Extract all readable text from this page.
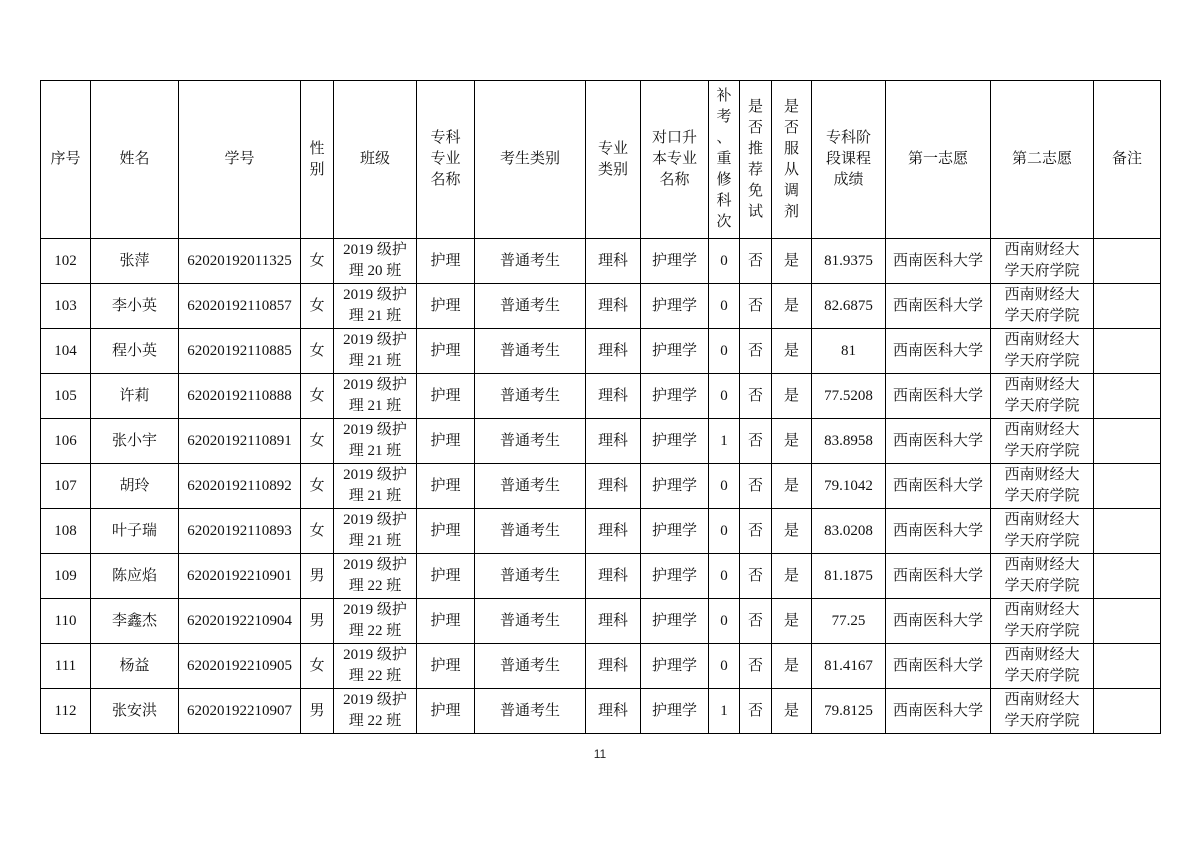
序号	姓名	学号	性别	班级	专科专业名称	考生类别	专业类别	对口升本专业名称	补考、重修科次	是否推荐免试	是否服从调剂	专科阶段课程成绩	第一志愿	第二志愿	备注
102	张萍	62020192011325	女	2019 级护理 20 班	护理	普通考生	理科	护理学	0	否	是	81.9375	西南医科大学	西南财经大学天府学院	
103	李小英	62020192110857	女	2019 级护理 21 班	护理	普通考生	理科	护理学	0	否	是	82.6875	西南医科大学	西南财经大学天府学院	
104	程小英	62020192110885	女	2019 级护理 21 班	护理	普通考生	理科	护理学	0	否	是	81	西南医科大学	西南财经大学天府学院	
105	许莉	62020192110888	女	2019 级护理 21 班	护理	普通考生	理科	护理学	0	否	是	77.5208	西南医科大学	西南财经大学天府学院	
106	张小宇	62020192110891	女	2019 级护理 21 班	护理	普通考生	理科	护理学	1	否	是	83.8958	西南医科大学	西南财经大学天府学院	
107	胡玲	62020192110892	女	2019 级护理 21 班	护理	普通考生	理科	护理学	0	否	是	79.1042	西南医科大学	西南财经大学天府学院	
108	叶子瑞	62020192110893	女	2019 级护理 21 班	护理	普通考生	理科	护理学	0	否	是	83.0208	西南医科大学	西南财经大学天府学院	
109	陈应焰	62020192210901	男	2019 级护理 22 班	护理	普通考生	理科	护理学	0	否	是	81.1875	西南医科大学	西南财经大学天府学院	
110	李鑫杰	62020192210904	男	2019 级护理 22 班	护理	普通考生	理科	护理学	0	否	是	77.25	西南医科大学	西南财经大学天府学院	
111	杨益	62020192210905	女	2019 级护理 22 班	护理	普通考生	理科	护理学	0	否	是	81.4167	西南医科大学	西南财经大学天府学院	
112	张安洪	62020192210907	男	2019 级护理 22 班	护理	普通考生	理科	护理学	1	否	是	79.8125	西南医科大学	西南财经大学天府学院	
11
